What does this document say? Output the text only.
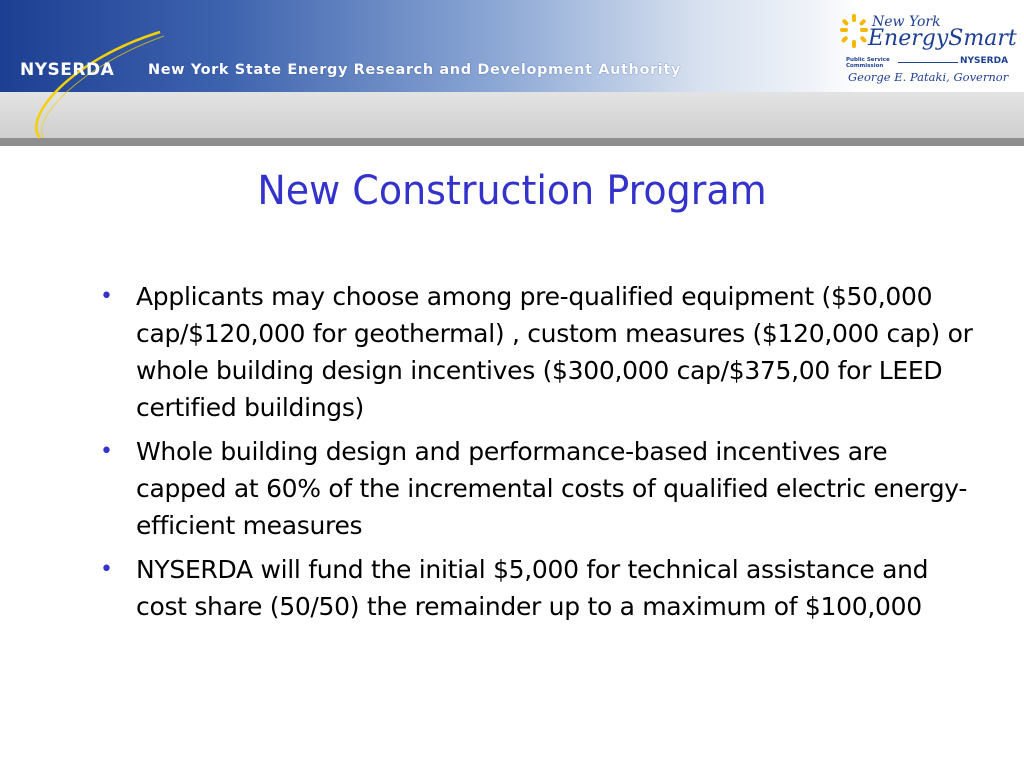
NYSERDA New York State Energy Research and Development Authority
New York
EnergySmart
Public Service
Commission	NYSERDA
George E. Pataki, Governor
New Construction Program
• Applicants may choose among pre-qualified equipment ($50,000 cap/$120,000 for geothermal) , custom measures ($120,000 cap) or whole building design incentives ($300,000 cap/$375,00 for LEED certified buildings)
• Whole building design and performance-based incentives are capped at 60% of the incremental costs of qualified electric energy-efficient measures
• NYSERDA will fund the initial $5,000 for technical assistance and cost share (50/50) the remainder up to a maximum of $100,000
